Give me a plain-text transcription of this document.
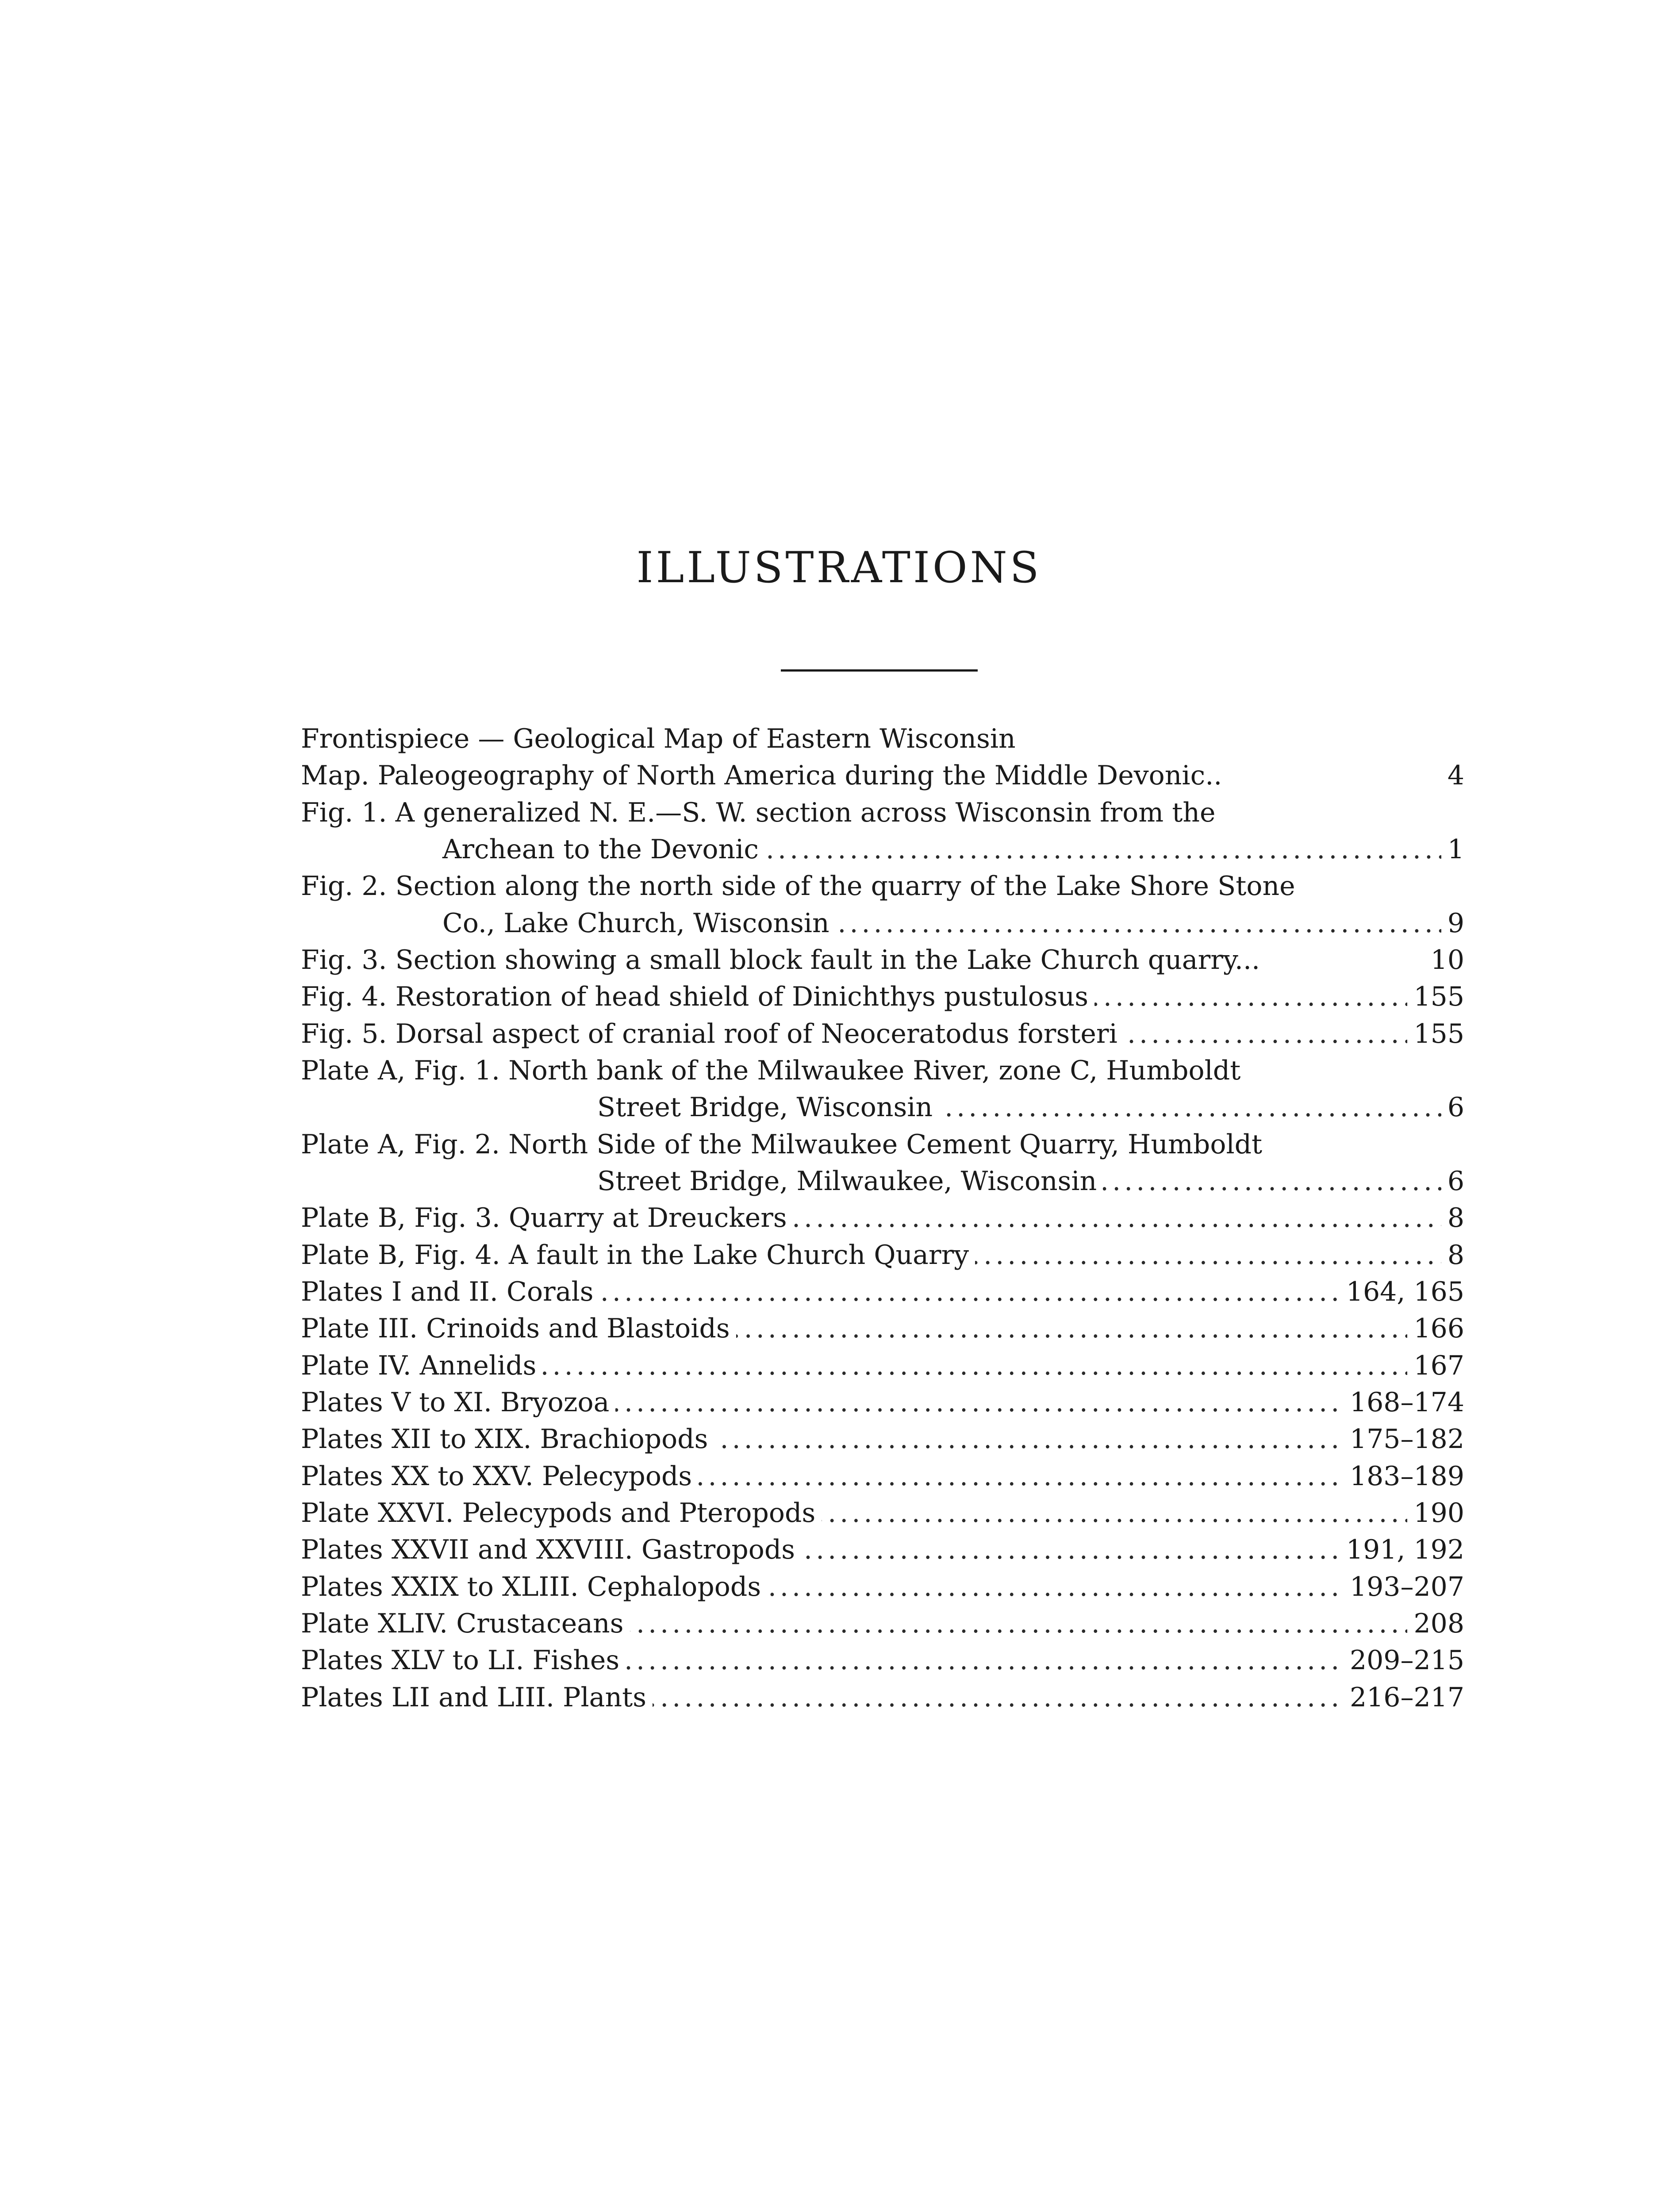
ILLUSTRATIONS
Frontispiece — Geological Map of Eastern Wisconsin
Map. Paleogeography of North America during the Middle Devonic..	4
Fig. 1. A generalized N. E.—S. W. section across Wisconsin from the
.....
Archean to the Devonic	1
Fig. 2. Section along the north side of the quarry of the Lake Shore Stone
.....
Co., Lake Church, Wisconsin	9
Fig. 3. Section showing a small block fault in the Lake Church quarry...	10
.....
Fig. 4. Restoration of head shield of Dinichthys pustulosus	155
.....
Fig. 5. Dorsal aspect of cranial roof of Neoceratodus forsteri	155
Plate A, Fig. 1. North bank of the Milwaukee River, zone C, Humboldt
.....
Street Bridge, Wisconsin	6
Plate A, Fig. 2. North Side of the Milwaukee Cement Quarry, Humboldt
.....
Street Bridge, Milwaukee, Wisconsin	6
.....
Plate B, Fig. 3. Quarry at Dreuckers	8
.....
Plate B, Fig. 4. A fault in the Lake Church Quarry	8
.....
Plates I and II. Corals	164, 165
.....
Plate III. Crinoids and Blastoids	166
.....
Plate IV. Annelids	167
.....
Plates V to XI. Bryozoa	168–174
.....
Plates XII to XIX. Brachiopods	175–182
.....
Plates XX to XXV. Pelecypods	183–189
.....
Plate XXVI. Pelecypods and Pteropods	190
.....
Plates XXVII and XXVIII. Gastropods	191, 192
.....
Plates XXIX to XLIII. Cephalopods	193–207
.....
Plate XLIV. Crustaceans	208
.....
Plates XLV to LI. Fishes	209–215
.....
Plates LII and LIII. Plants	216–217
